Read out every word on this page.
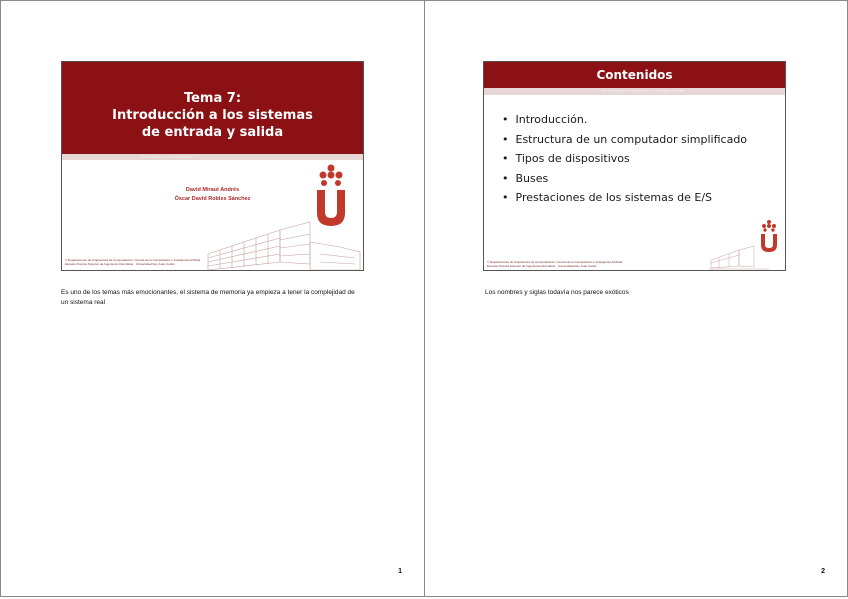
1
Es uno de los temas más emocionantes, el sistema de memoria ya empieza a tener la complejidad de un sistema real
2
Los nombres y siglas todavía nos parece exóticos
Tema 7:
Introducción a los sistemas
de entrada y salida
Estructura de Computadores
David Miraut Andrés
Óscar David Robles Sánchez
© Departamento de Arquitectura de Computadores, Ciencia de la Computación e Inteligencia Artificial
Escuela Técnica Superior de Ingeniería Informática · Universidad Rey Juan Carlos
Contenidos
Introducción a los sistemas de entrada y salida
• Introducción.
• Estructura de un computador simplificado
• Tipos de dispositivos
• Buses
• Prestaciones de los sistemas de E/S
© Departamento de Arquitectura de Computadores, Ciencia de la Computación e Inteligencia Artificial
Escuela Técnica Superior de Ingeniería Informática · Universidad Rey Juan Carlos
